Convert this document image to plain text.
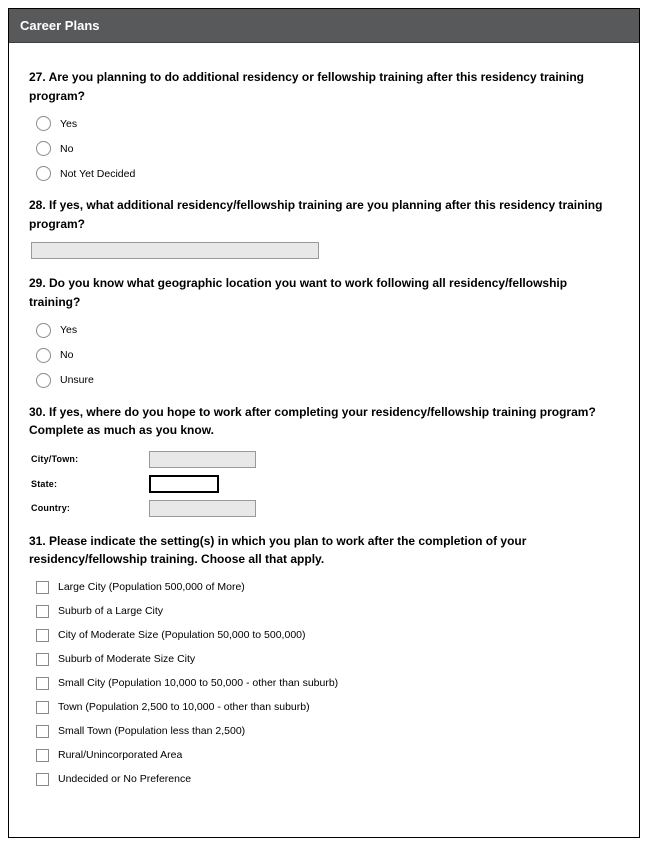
Career Plans
27. Are you planning to do additional residency or fellowship training after this residency training program?
Yes
No
Not Yet Decided
28. If yes, what additional residency/fellowship training are you planning after this residency training program?
29. Do you know what geographic location you want to work following all residency/fellowship training?
Yes
No
Unsure
30. If yes, where do you hope to work after completing your residency/fellowship training program? Complete as much as you know.
City/Town:
State:
Country:
31. Please indicate the setting(s) in which you plan to work after the completion of your residency/fellowship training. Choose all that apply.
Large City (Population 500,000 of More)
Suburb of a Large City
City of Moderate Size (Population 50,000 to 500,000)
Suburb of Moderate Size City
Small City (Population 10,000 to 50,000 - other than suburb)
Town (Population 2,500 to 10,000 - other than suburb)
Small Town (Population less than 2,500)
Rural/Unincorporated Area
Undecided or No Preference
